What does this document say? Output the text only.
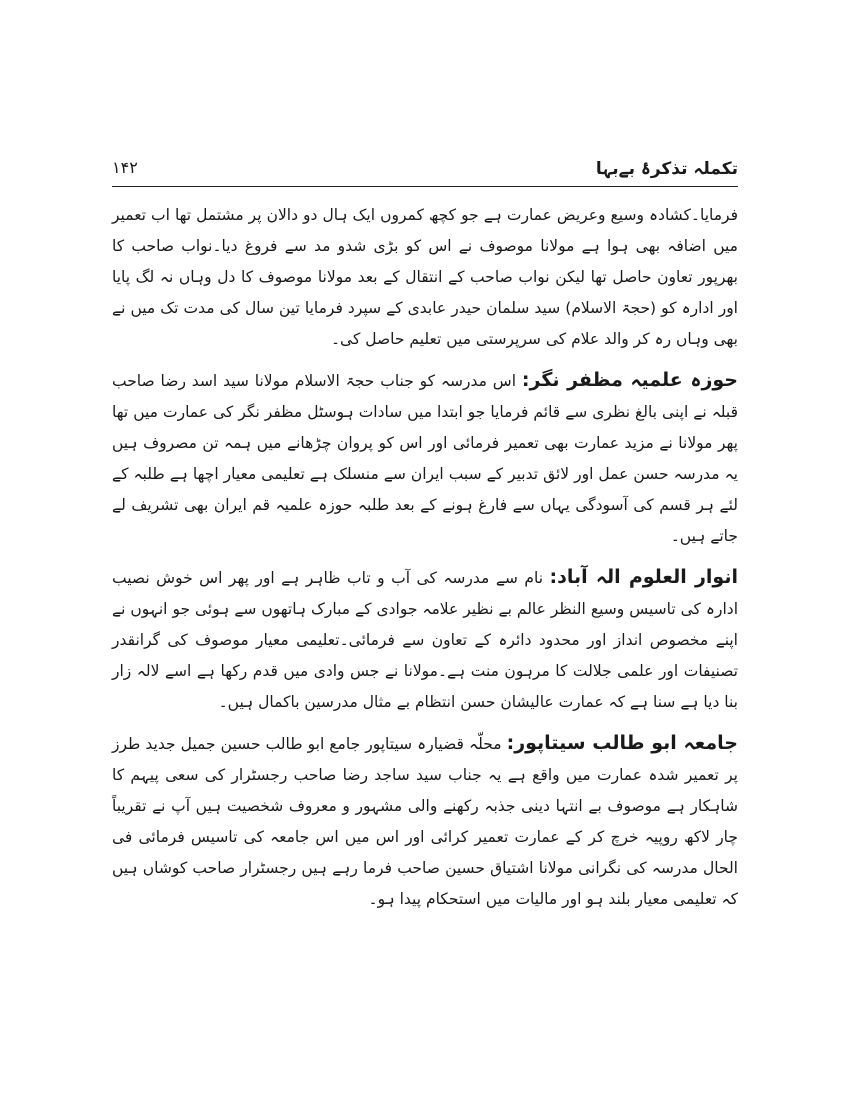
تکملہ تذکرۂ بےبہا
۱۴۲

فرمایا۔کشادہ وسیع وعریض عمارت ہے جو کچھ کمروں ایک ہال دو دالان پر مشتمل تھا اب تعمیر میں اضافہ بھی ہوا ہے مولانا موصوف نے اس کو بڑی شدو مد سے فروغ دیا۔نواب صاحب کا بھرپور تعاون حاصل تھا لیکن نواب صاحب کے انتقال کے بعد مولانا موصوف کا دل وہاں نہ لگ پایا اور ادارہ کو (حجۃ الاسلام) سید سلمان حیدر عابدی کے سپرد فرمایا تین سال کی مدت تک میں نے بھی وہاں رہ کر والد علام کی سرپرستی میں تعلیم حاصل کی۔

حوزہ علمیہ مظفر نگر: اس مدرسہ کو جناب حجۃ الاسلام مولانا سید اسد رضا صاحب قبلہ نے اپنی بالغ نظری سے قائم فرمایا جو ابتدا میں سادات ہوسٹل مظفر نگر کی عمارت میں تھا پھر مولانا نے مزید عمارت بھی تعمیر فرمائی اور اس کو پروان چڑھانے میں ہمہ تن مصروف ہیں یہ مدرسہ حسن عمل اور لائق تدبیر کے سبب ایران سے منسلک ہے تعلیمی معیار اچھا ہے طلبہ کے لئے ہر قسم کی آسودگی یہاں سے فارغ ہونے کے بعد طلبہ حوزہ علمیہ قم ایران بھی تشریف لے جاتے ہیں۔

انوار العلوم الہ آباد: نام سے مدرسہ کی آب و تاب ظاہر ہے اور پھر اس خوش نصیب ادارہ کی تاسیس وسیع النظر عالم بے نظیر علامہ جوادی کے مبارک ہاتھوں سے ہوئی جو انہوں نے اپنے مخصوص انداز اور محدود دائرہ کے تعاون سے فرمائی۔تعلیمی معیار موصوف کی گرانقدر تصنیفات اور علمی جلالت کا مرہون منت ہے۔مولانا نے جس وادی میں قدم رکھا ہے اسے لالہ زار بنا دیا ہے سنا ہے کہ عمارت عالیشان حسن انتظام بے مثال مدرسین باکمال ہیں۔

جامعہ ابو طالب سیتاپور: محلّہ قضیارہ سیتاپور جامع ابو طالب حسین جمیل جدید طرز پر تعمیر شدہ عمارت میں واقع ہے یہ جناب سید ساجد رضا صاحب رجسٹرار کی سعی پیہم کا شاہکار ہے موصوف بے انتہا دینی جذبہ رکھنے والی مشہور و معروف شخصیت ہیں آپ نے تقریباً چار لاکھ روپیہ خرچ کر کے عمارت تعمیر کرائی اور اس میں اس جامعہ کی تاسیس فرمائی فی الحال مدرسہ کی نگرانی مولانا اشتیاق حسین صاحب فرما رہے ہیں رجسٹرار صاحب کوشاں ہیں کہ تعلیمی معیار بلند ہو اور مالیات میں استحکام پیدا ہو۔
